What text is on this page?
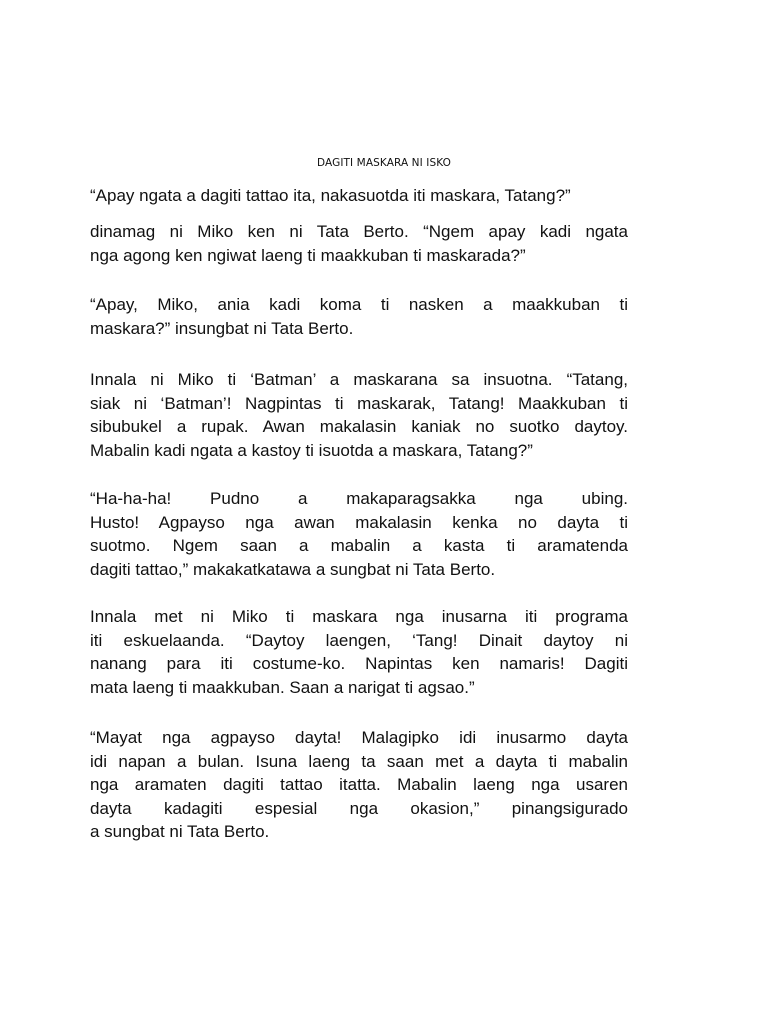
DAGITI MASKARA NI ISKO
“Apay ngata a dagiti tattao ita, nakasuotda iti maskara, Tatang?”
dinamag ni Miko ken ni Tata Berto. “Ngem apay kadi ngata
nga agong ken ngiwat laeng ti maakkuban ti maskarada?”
“Apay, Miko, ania kadi koma ti nasken a maakkuban ti
maskara?” insungbat ni Tata Berto.
Innala ni Miko ti ‘Batman’ a maskarana sa insuotna. “Tatang,
siak ni ‘Batman’! Nagpintas ti maskarak, Tatang! Maakkuban ti
sibubukel a rupak. Awan makalasin kaniak no suotko daytoy.
Mabalin kadi ngata a kastoy ti isuotda a maskara, Tatang?”
“Ha-ha-ha! Pudno a makaparagsakka nga ubing.
Husto! Agpayso nga awan makalasin kenka no dayta ti
suotmo. Ngem saan a mabalin a kasta ti aramatenda
dagiti tattao,” makakatkatawa a sungbat ni Tata Berto.
Innala met ni Miko ti maskara nga inusarna iti programa
iti eskuelaanda. “Daytoy laengen, ‘Tang! Dinait daytoy ni
nanang para iti costume-ko. Napintas ken namaris! Dagiti
mata laeng ti maakkuban. Saan a narigat ti agsao.”
“Mayat nga agpayso dayta! Malagipko idi inusarmo dayta
idi napan a bulan. Isuna laeng ta saan met a dayta ti mabalin
nga aramaten dagiti tattao itatta. Mabalin laeng nga usaren
dayta kadagiti espesial nga okasion,” pinangsigurado
a sungbat ni Tata Berto.
